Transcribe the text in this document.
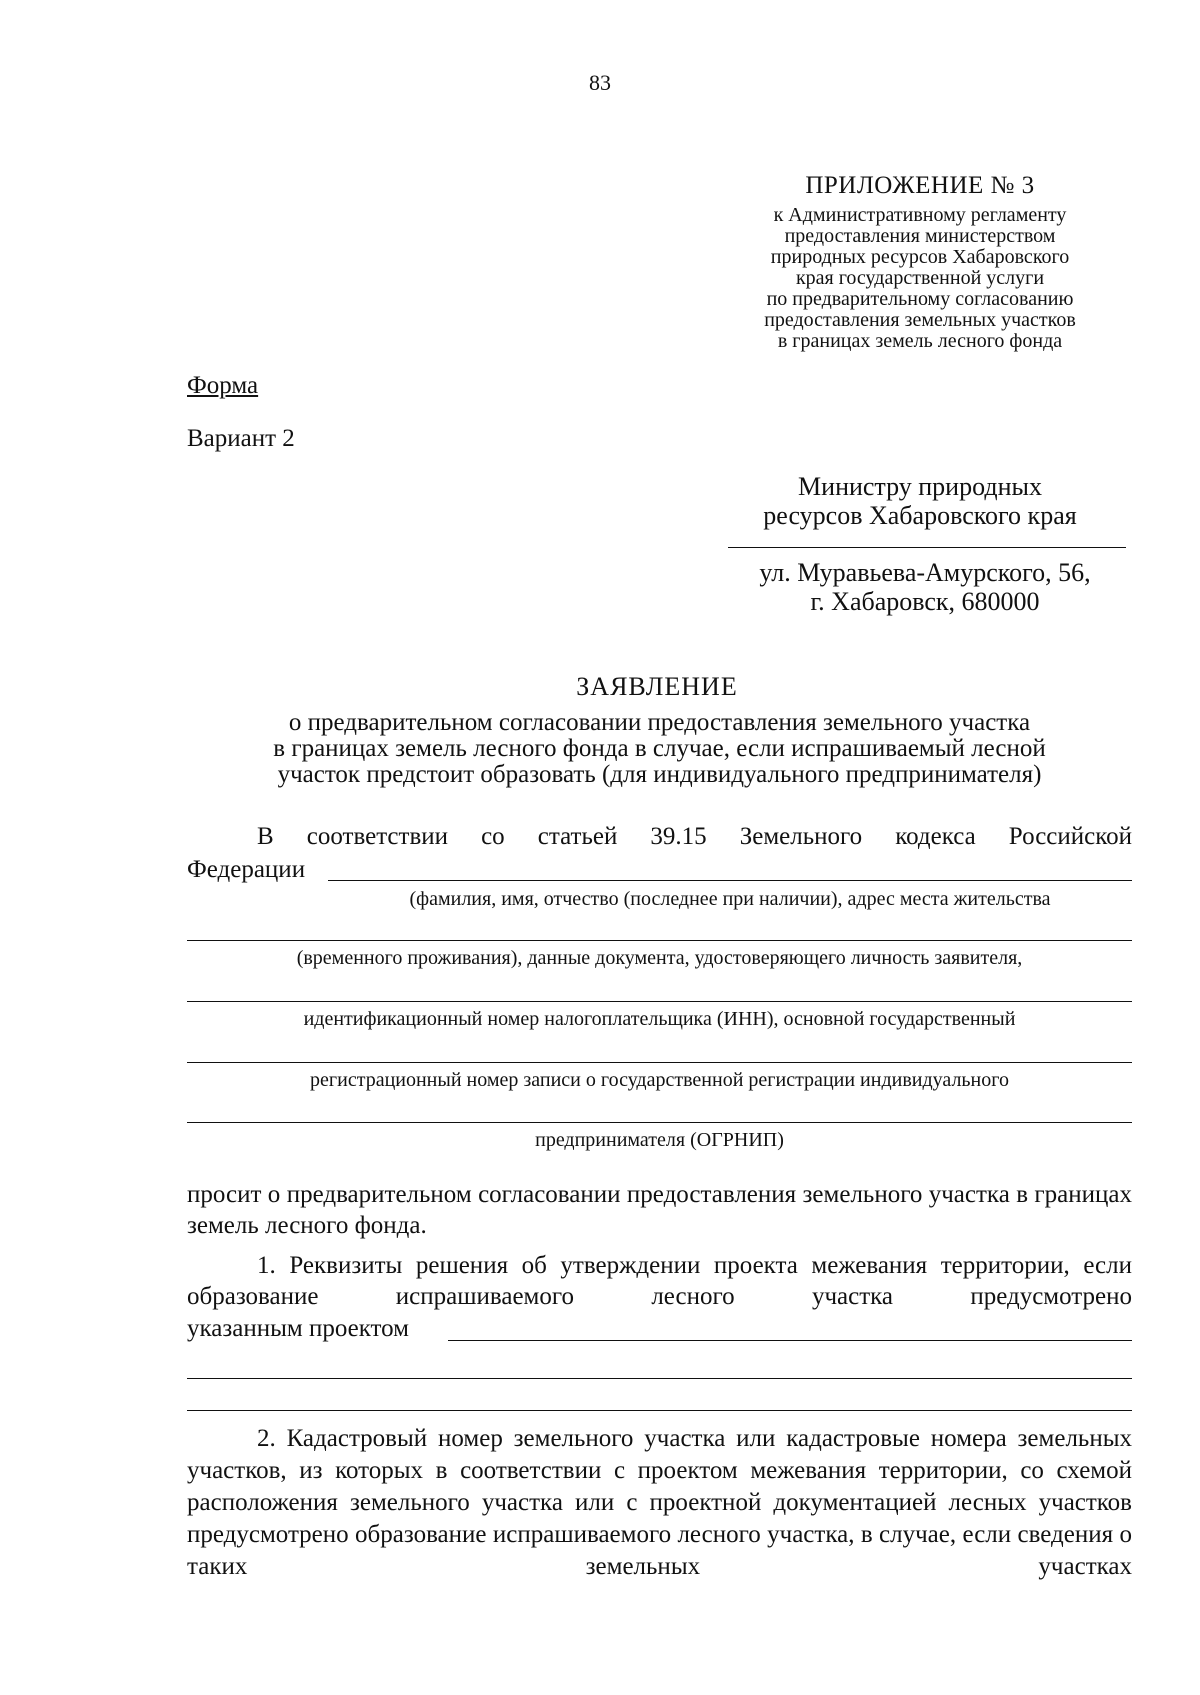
83
ПРИЛОЖЕНИЕ № 3
к Административному регламенту
предоставления министерством
природных ресурсов Хабаровского
края государственной услуги
по предварительному согласованию
предоставления земельных участков
в границах земель лесного фонда
Форма
Вариант 2
Министру природных
ресурсов Хабаровского края
ул. Муравьева-Амурского, 56,
г. Хабаровск, 680000
ЗАЯВЛЕНИЕ
о предварительном согласовании предоставления земельного участка
в границах земель лесного фонда в случае, если испрашиваемый лесной
участок предстоит образовать (для индивидуального предпринимателя)
В соответствии со статьей 39.15 Земельного кодекса Российской
Федерации
(фамилия, имя, отчество (последнее при наличии), адрес места жительства
(временного проживания), данные документа, удостоверяющего личность заявителя,
идентификационный номер налогоплательщика (ИНН), основной государственный
регистрационный номер записи о государственной регистрации индивидуального
предпринимателя (ОГРНИП)
просит о предварительном согласовании предоставления земельного участка в границах земель лесного фонда.
1. Реквизиты решения об утверждении проекта межевания территории, если образование испрашиваемого лесного участка предусмотрено
указанным проектом
2. Кадастровый номер земельного участка или кадастровые номера земельных участков, из которых в соответствии с проектом межевания территории, со схемой расположения земельного участка или с проектной документацией лесных участков предусмотрено образование испрашиваемого лесного участка, в случае, если сведения о таких земельных участках
